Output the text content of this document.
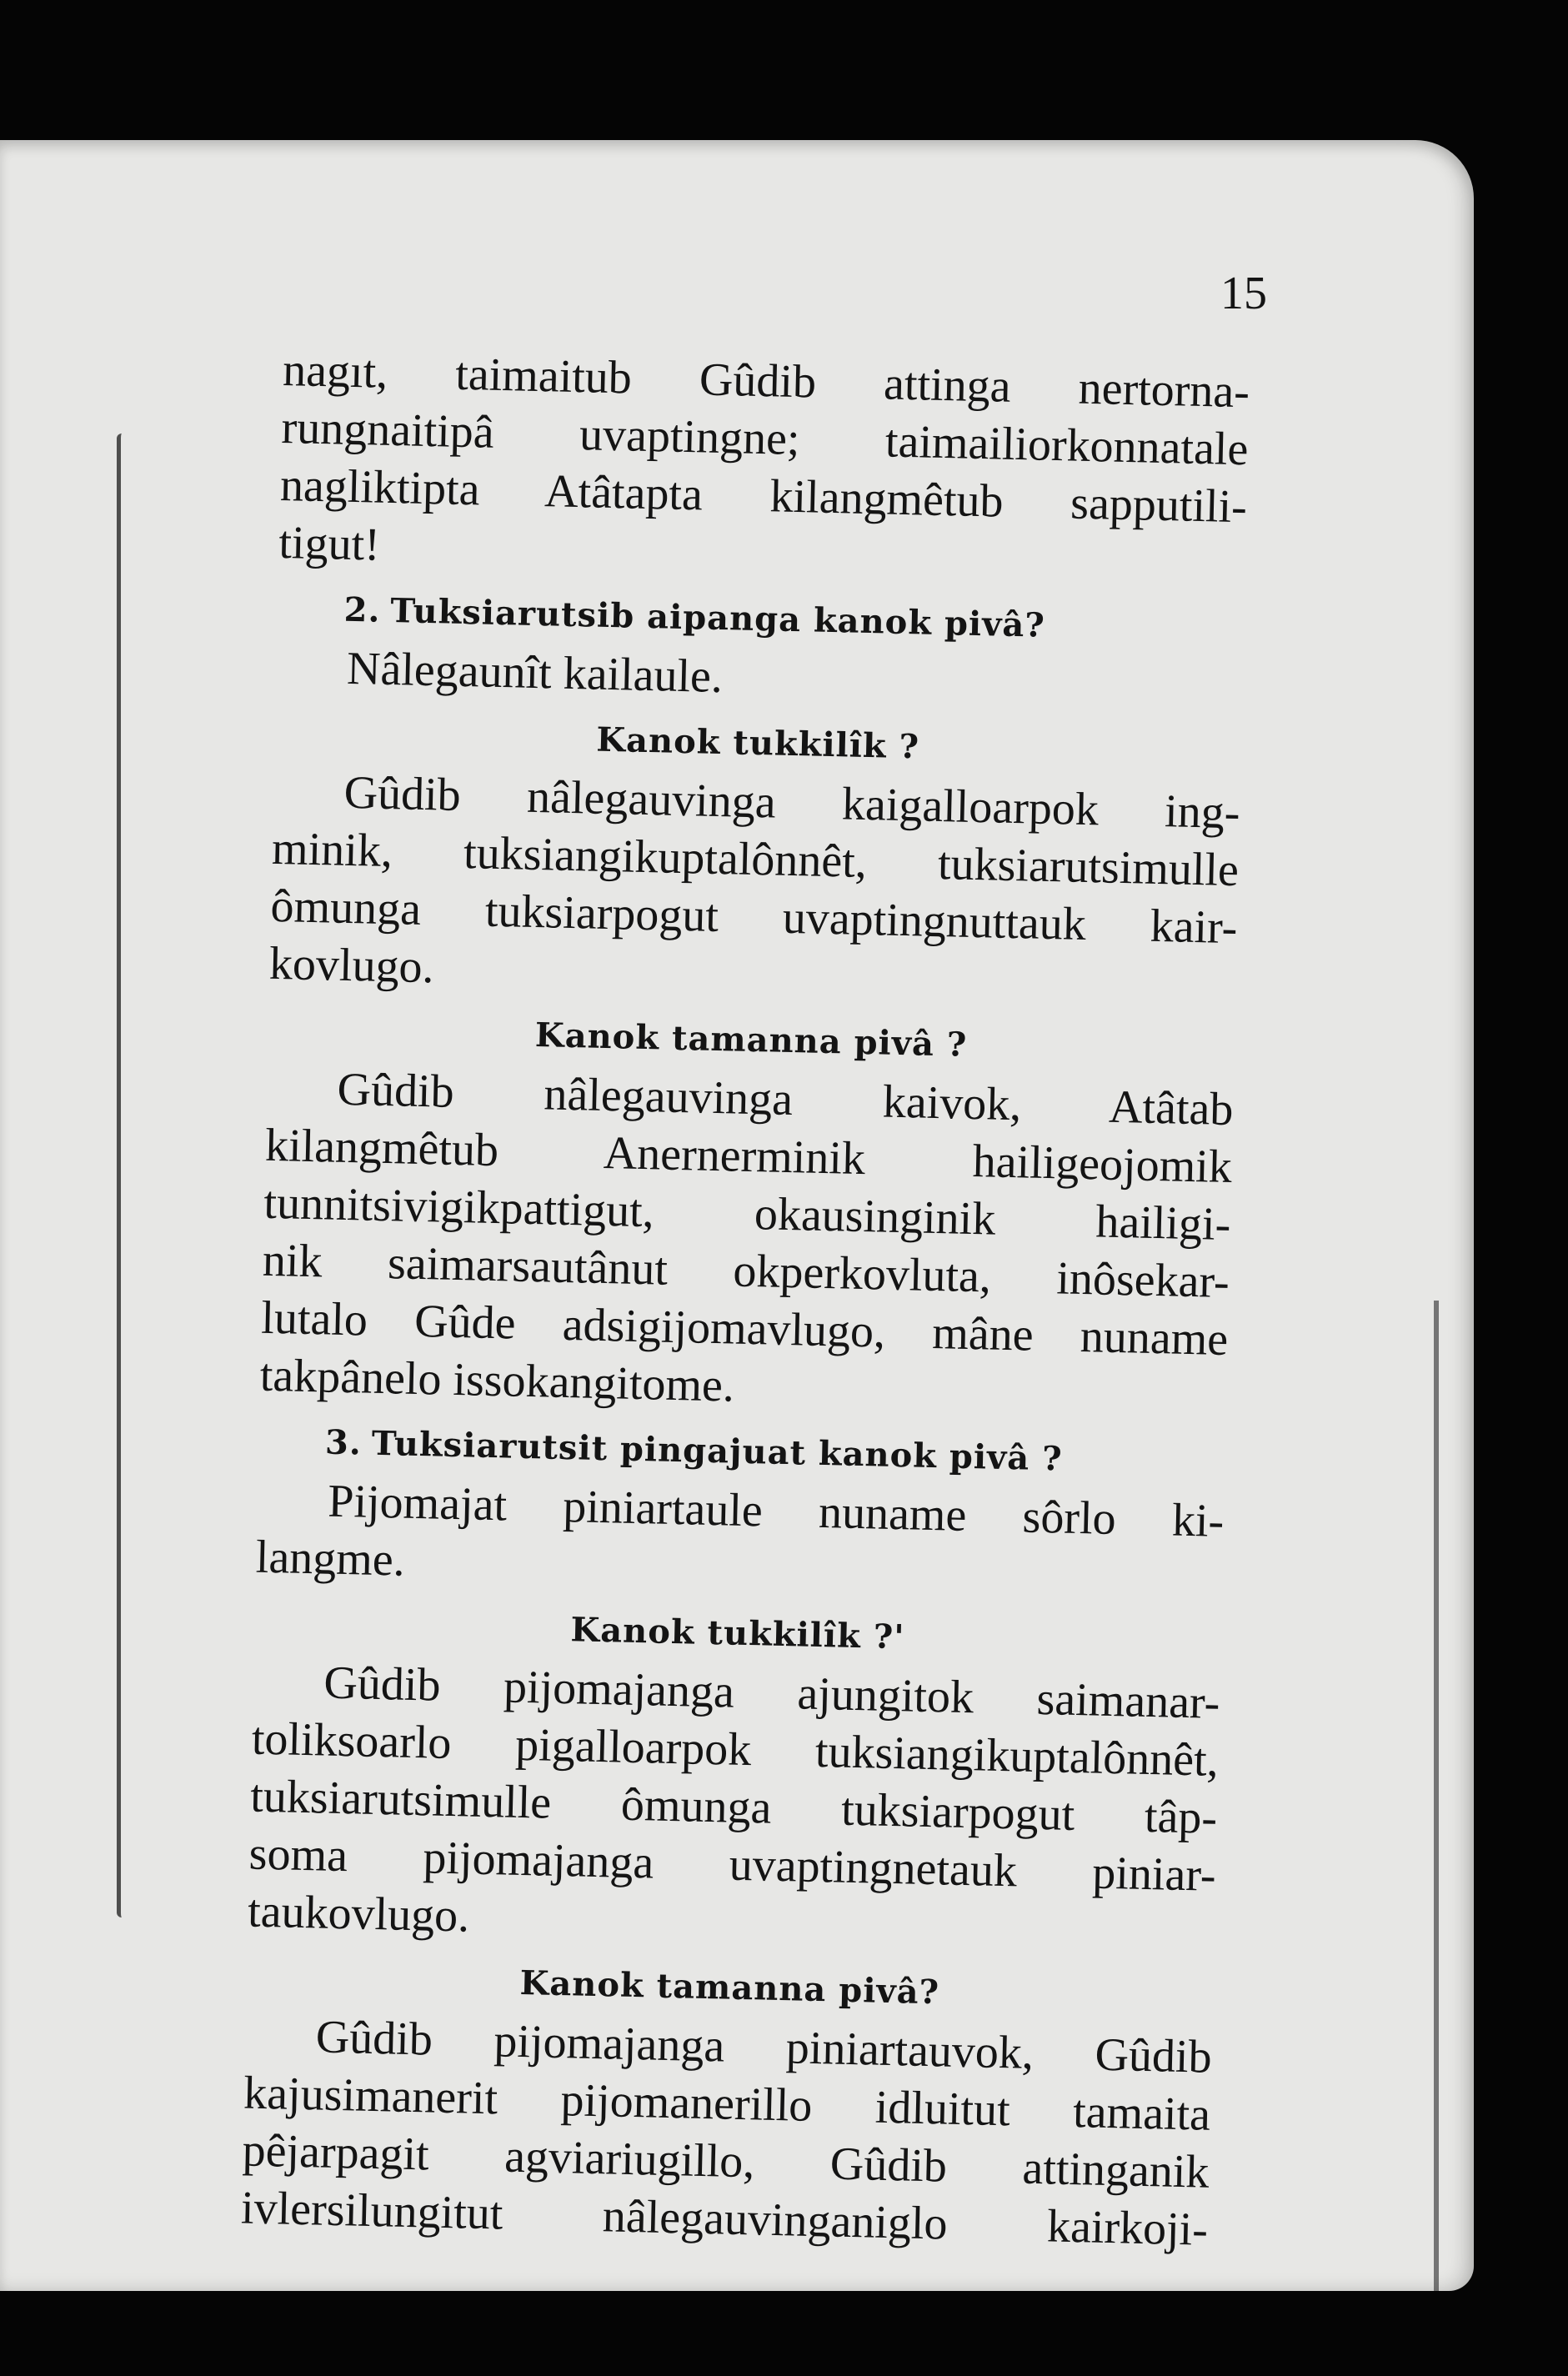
15
nagıt, taimaitub Gûdib attinga nertorna-
rungnaitipâ uvaptingne; taimailiorkonnatale
nagliktipta Atâtapta kilangmêtub sapputili-
tigut!
2. Tuksiarutsib aipanga kanok pivâ?
Nâlegaunît kailaule.
Kanok tukkilîk ?
Gûdib nâlegauvinga kaigalloarpok ing-
minik, tuksiangikuptalônnêt, tuksiarutsimulle
ômunga tuksiarpogut uvaptingnuttauk kair-
kovlugo.
Kanok tamanna pivâ ?
Gûdib nâlegauvinga kaivok, Atâtab
kilangmêtub Anernerminik hailigeojomik
tunnitsivigikpattigut, okausinginik hailigi-
nik saimarsautânut okperkovluta, inôsekar-
lutalo Gûde adsigijomavlugo, mâne nuname
takpânelo issokangitome.
3. Tuksiarutsit pingajuat kanok pivâ ?
Pijomajat piniartaule nuname sôrlo ki-
langme.
Kanok tukkilîk ?'
Gûdib pijomajanga ajungitok saimanar-
toliksoarlo pigalloarpok tuksiangikuptalônnêt,
tuksiarutsimulle ômunga tuksiarpogut tâp-
soma pijomajanga uvaptingnetauk piniar-
taukovlugo.
Kanok tamanna pivâ?
Gûdib pijomajanga piniartauvok, Gûdib
kajusimanerit pijomanerillo idluitut tamaita
pêjarpagit agviariugillo, Gûdib attinganik
ivlersilungitut nâlegauvinganiglo kairkoji-
